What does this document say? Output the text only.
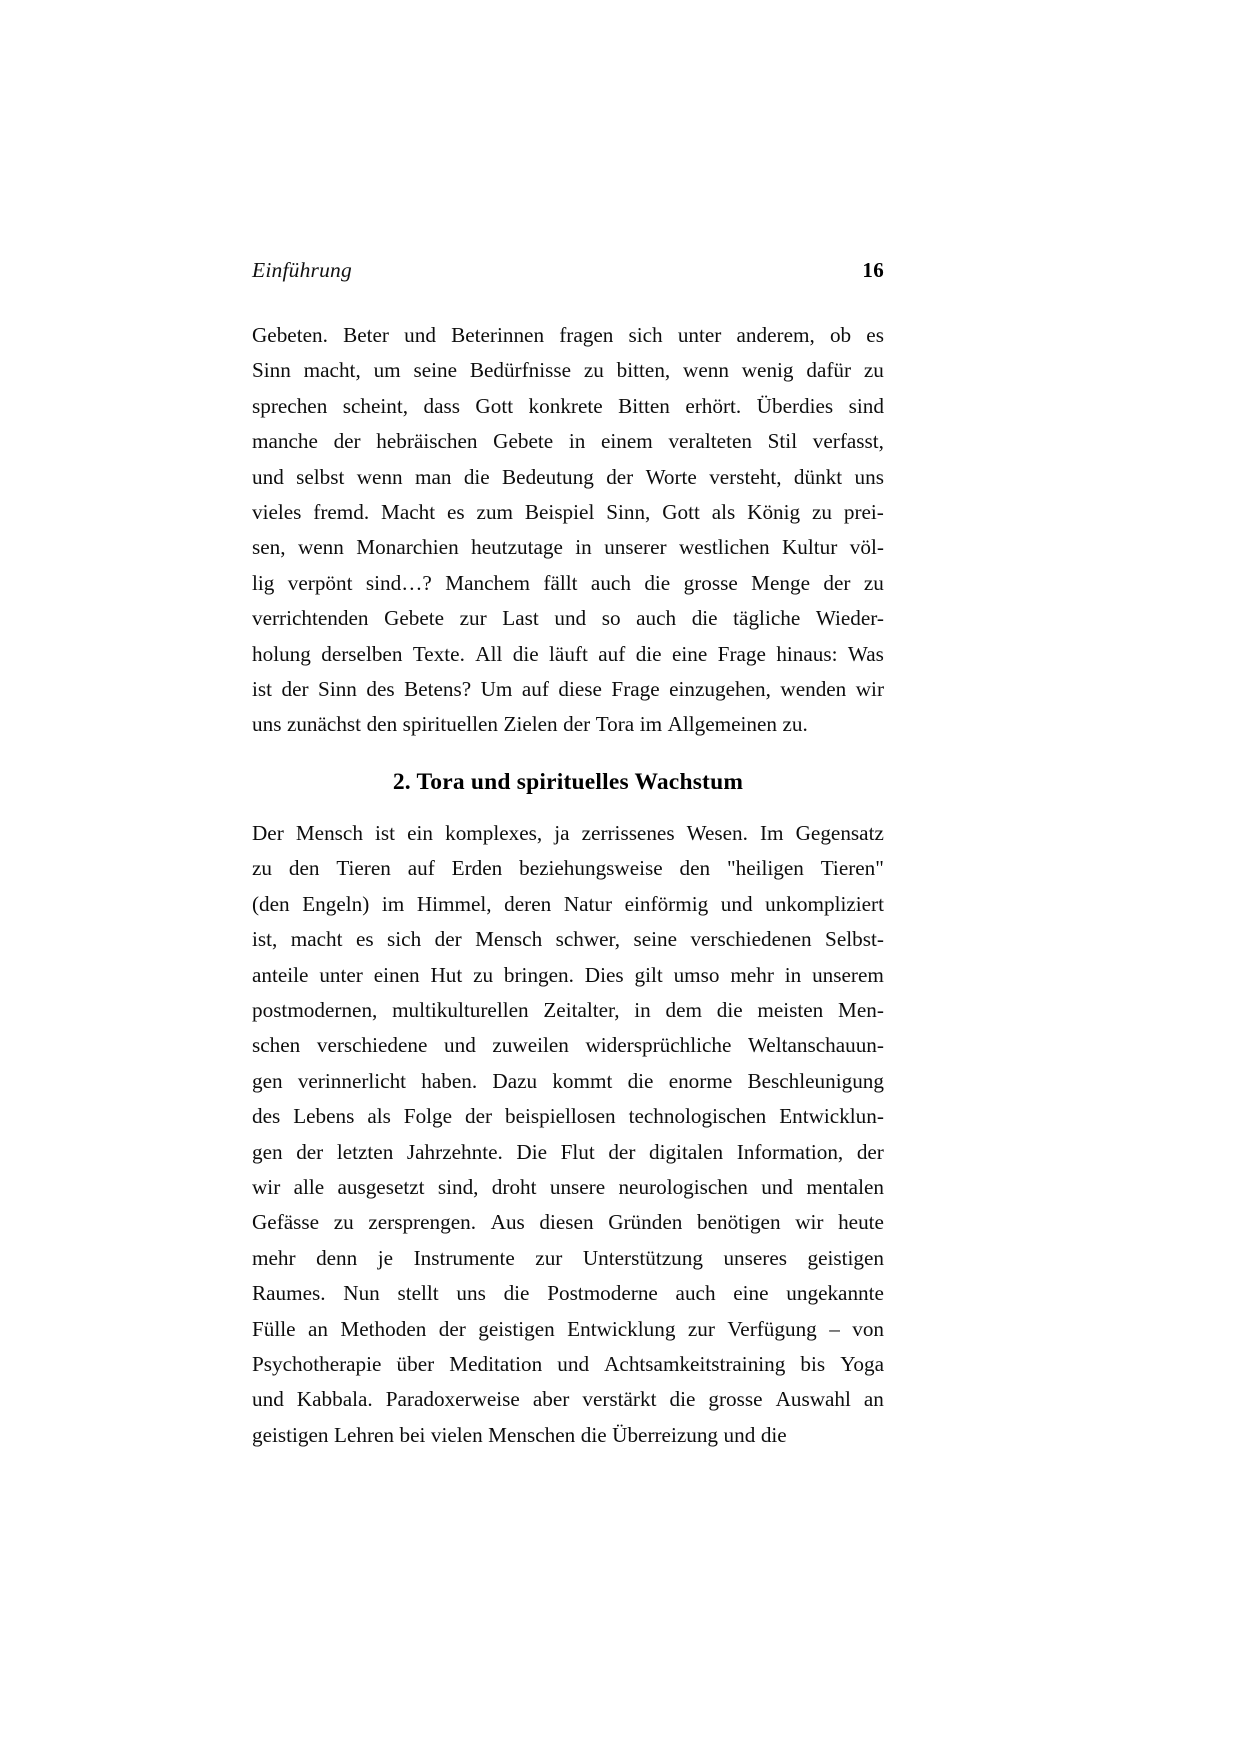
Einführung	16
Gebeten. Beter und Beterinnen fragen sich unter anderem, ob es
Sinn macht, um seine Bedürfnisse zu bitten, wenn wenig dafür zu
sprechen scheint, dass Gott konkrete Bitten erhört. Überdies sind
manche der hebräischen Gebete in einem veralteten Stil verfasst,
und selbst wenn man die Bedeutung der Worte versteht, dünkt uns
vieles fremd. Macht es zum Beispiel Sinn, Gott als König zu prei-
sen, wenn Monarchien heutzutage in unserer westlichen Kultur völ-
lig verpönt sind…? Manchem fällt auch die grosse Menge der zu
verrichtenden Gebete zur Last und so auch die tägliche Wieder-
holung derselben Texte. All die läuft auf die eine Frage hinaus: Was
ist der Sinn des Betens? Um auf diese Frage einzugehen, wenden wir
uns zunächst den spirituellen Zielen der Tora im Allgemeinen zu.
2. Tora und spirituelles Wachstum
Der Mensch ist ein komplexes, ja zerrissenes Wesen. Im Gegensatz
zu den Tieren auf Erden beziehungsweise den "heiligen Tieren"
(den Engeln) im Himmel, deren Natur einförmig und unkompliziert
ist, macht es sich der Mensch schwer, seine verschiedenen Selbst-
anteile unter einen Hut zu bringen. Dies gilt umso mehr in unserem
postmodernen, multikulturellen Zeitalter, in dem die meisten Men-
schen verschiedene und zuweilen widersprüchliche Weltanschauun-
gen verinnerlicht haben. Dazu kommt die enorme Beschleunigung
des Lebens als Folge der beispiellosen technologischen Entwicklun-
gen der letzten Jahrzehnte. Die Flut der digitalen Information, der
wir alle ausgesetzt sind, droht unsere neurologischen und mentalen
Gefässe zu zersprengen. Aus diesen Gründen benötigen wir heute
mehr denn je Instrumente zur Unterstützung unseres geistigen
Raumes. Nun stellt uns die Postmoderne auch eine ungekannte
Fülle an Methoden der geistigen Entwicklung zur Verfügung – von
Psychotherapie über Meditation und Achtsamkeitstraining bis Yoga
und Kabbala. Paradoxerweise aber verstärkt die grosse Auswahl an
geistigen Lehren bei vielen Menschen die Überreizung und die
